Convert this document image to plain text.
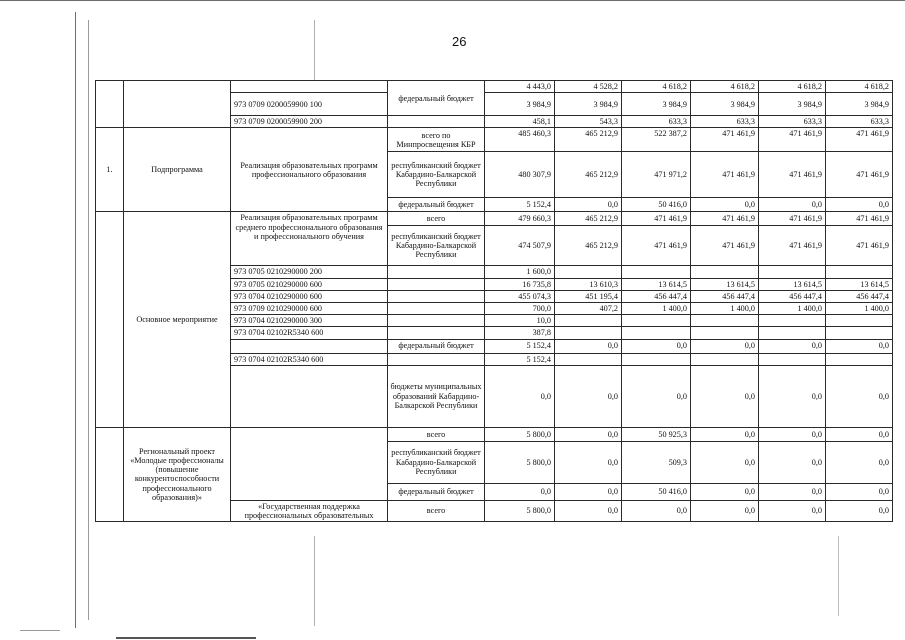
26
			федеральный бюджет	4 443,0	4 528,2	4 618,2	4 618,2	4 618,2	4 618,2
		973 0709 0200059900 100		3 984,9	3 984,9	3 984,9	3 984,9	3 984,9	3 984,9
		973 0709 0200059900 200		458,1	543,3	633,3	633,3	633,3	633,3
1.	Подпрограмма	Реализация образовательных программ профессионального образования	всего по Минпросвещения КБР	485 460,3	465 212,9	522 387,2	471 461,9	471 461,9	471 461,9
			республиканский бюджет Кабардино-Балкарской Республики	480 307,9	465 212,9	471 971,2	471 461,9	471 461,9	471 461,9
			федеральный бюджет	5 152,4	0,0	50 416,0	0,0	0,0	0,0
	Основное мероприятие	Реализация образовательных программ среднего профессионального образования и профессионального обучения	всего	479 660,3	465 212,9	471 461,9	471 461,9	471 461,9	471 461,9
			республиканский бюджет Кабардино-Балкарской Республики	474 507,9	465 212,9	471 461,9	471 461,9	471 461,9	471 461,9
		973 0705 0210290000 200		1 600,0					
		973 0705 0210290000 600		16 735,8	13 610,3	13 614,5	13 614,5	13 614,5	13 614,5
		973 0704 0210290000 600		455 074,3	451 195,4	456 447,4	456 447,4	456 447,4	456 447,4
		973 0709 0210290000 600		700,0	407,2	1 400,0	1 400,0	1 400,0	1 400,0
		973 0704 0210290000 300		10,0					
		973 0704 02102R5340 600		387,8					
			федеральный бюджет	5 152,4	0,0	0,0	0,0	0,0	0,0
		973 0704 02102R5340 600		5 152,4					
			бюджеты муниципальных образований Кабардино-Балкарской Республики	0,0	0,0	0,0	0,0	0,0	0,0
	Региональный проект «Молодые профессионалы (повышение конкурентоспособности профессионального образования)»		всего	5 800,0	0,0	50 925,3	0,0	0,0	0,0
			республиканский бюджет Кабардино-Балкарской Республики	5 800,0	0,0	509,3	0,0	0,0	0,0
			федеральный бюджет	0,0	0,0	50 416,0	0,0	0,0	0,0
		«Государственная поддержка профессиональных образовательных	всего	5 800,0	0,0	0,0	0,0	0,0	0,0
